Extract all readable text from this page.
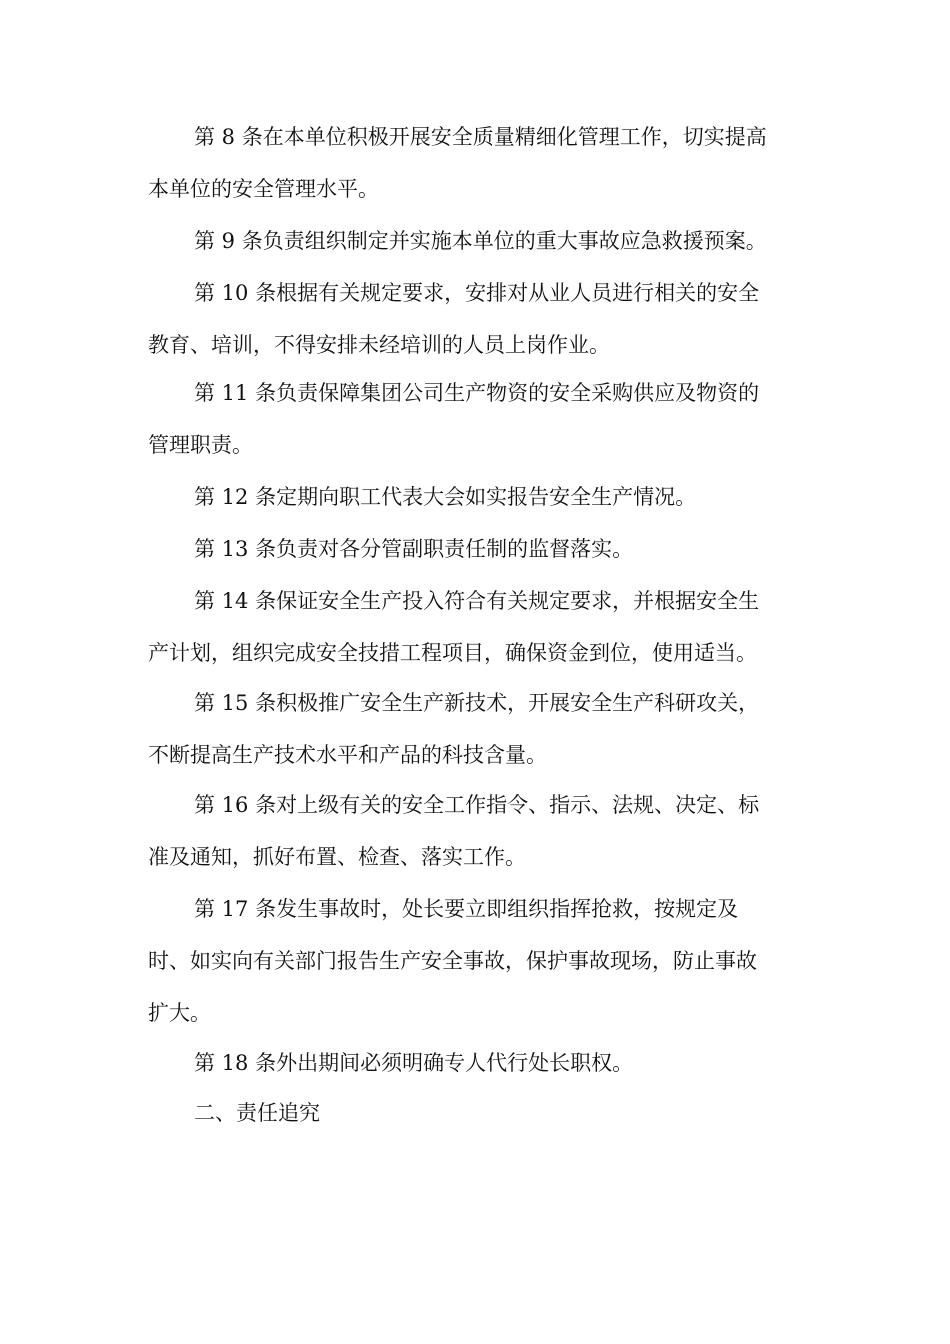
第 8 条在本单位积极开展安全质量精细化管理工作，切实提高
本单位的安全管理水平。
第 9 条负责组织制定并实施本单位的重大事故应急救援预案。
第 10 条根据有关规定要求，安排对从业人员进行相关的安全
教育、培训，不得安排未经培训的人员上岗作业。
第 11 条负责保障集团公司生产物资的安全采购供应及物资的
管理职责。
第 12 条定期向职工代表大会如实报告安全生产情况。
第 13 条负责对各分管副职责任制的监督落实。
第 14 条保证安全生产投入符合有关规定要求，并根据安全生
产计划，组织完成安全技措工程项目，确保资金到位，使用适当。
第 15 条积极推广安全生产新技术，开展安全生产科研攻关，
不断提高生产技术水平和产品的科技含量。
第 16 条对上级有关的安全工作指令、指示、法规、决定、标
准及通知，抓好布置、检查、落实工作。
第 17 条发生事故时，处长要立即组织指挥抢救，按规定及
时、如实向有关部门报告生产安全事故，保护事故现场，防止事故
扩大。
第 18 条外出期间必须明确专人代行处长职权。
二、责任追究
